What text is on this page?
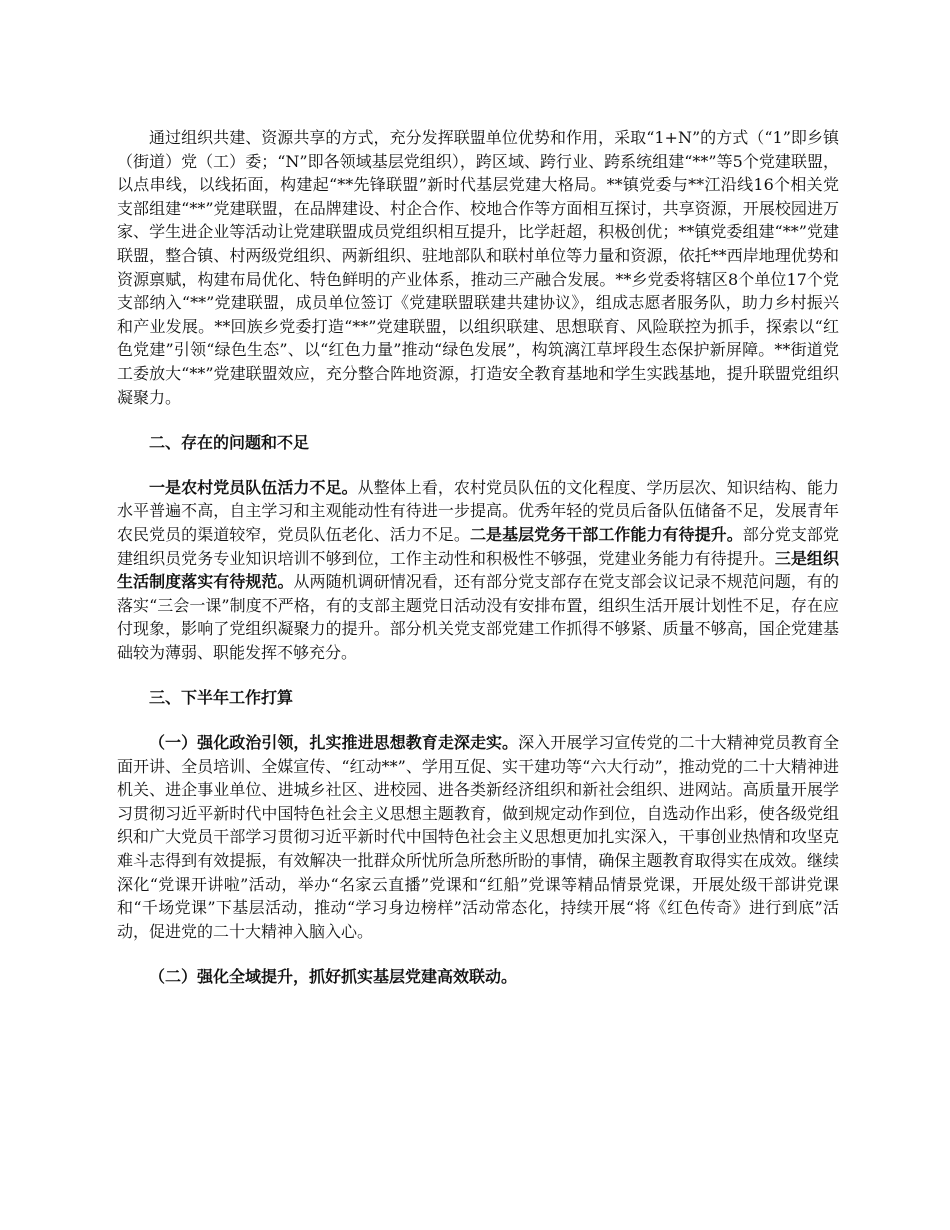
通过组织共建、资源共享的方式，充分发挥联盟单位优势和作用，采取“1+N”的方式（“1”即乡镇（街道）党（工）委；“N”即各领域基层党组织），跨区域、跨行业、跨系统组建“**”等5个党建联盟，以点串线，以线拓面，构建起“**先锋联盟”新时代基层党建大格局。**镇党委与**江沿线16个相关党支部组建“**”党建联盟，在品牌建设、村企合作、校地合作等方面相互探讨，共享资源，开展校园进万家、学生进企业等活动让党建联盟成员党组织相互提升，比学赶超，积极创优；**镇党委组建“**”党建联盟，整合镇、村两级党组织、两新组织、驻地部队和联村单位等力量和资源，依托**西岸地理优势和资源禀赋，构建布局优化、特色鲜明的产业体系，推动三产融合发展。**乡党委将辖区8个单位17个党支部纳入“**”党建联盟，成员单位签订《党建联盟联建共建协议》，组成志愿者服务队，助力乡村振兴和产业发展。**回族乡党委打造“**”党建联盟，以组织联建、思想联育、风险联控为抓手，探索以“红色党建”引领“绿色生态”、以“红色力量”推动“绿色发展”，构筑漓江草坪段生态保护新屏障。**街道党工委放大“**”党建联盟效应，充分整合阵地资源，打造安全教育基地和学生实践基地，提升联盟党组织凝聚力。

二、存在的问题和不足

一是农村党员队伍活力不足。从整体上看，农村党员队伍的文化程度、学历层次、知识结构、能力水平普遍不高，自主学习和主观能动性有待进一步提高。优秀年轻的党员后备队伍储备不足，发展青年农民党员的渠道较窄，党员队伍老化、活力不足。二是基层党务干部工作能力有待提升。部分党支部党建组织员党务专业知识培训不够到位，工作主动性和积极性不够强，党建业务能力有待提升。三是组织生活制度落实有待规范。从两随机调研情况看，还有部分党支部存在党支部会议记录不规范问题，有的落实“三会一课”制度不严格，有的支部主题党日活动没有安排布置，组织生活开展计划性不足，存在应付现象，影响了党组织凝聚力的提升。部分机关党支部党建工作抓得不够紧、质量不够高，国企党建基础较为薄弱、职能发挥不够充分。

三、下半年工作打算

（一）强化政治引领，扎实推进思想教育走深走实。深入开展学习宣传党的二十大精神党员教育全面开讲、全员培训、全媒宣传、“红动**”、学用互促、实干建功等“六大行动”，推动党的二十大精神进机关、进企事业单位、进城乡社区、进校园、进各类新经济组织和新社会组织、进网站。高质量开展学习贯彻习近平新时代中国特色社会主义思想主题教育，做到规定动作到位，自选动作出彩，使各级党组织和广大党员干部学习贯彻习近平新时代中国特色社会主义思想更加扎实深入，干事创业热情和攻坚克难斗志得到有效提振，有效解决一批群众所忧所急所愁所盼的事情，确保主题教育取得实在成效。继续深化“党课开讲啦”活动，举办“名家云直播”党课和“红船”党课等精品情景党课，开展处级干部讲党课和“千场党课”下基层活动，推动“学习身边榜样”活动常态化，持续开展“将《红色传奇》进行到底”活动，促进党的二十大精神入脑入心。

（二）强化全域提升，抓好抓实基层党建高效联动。
